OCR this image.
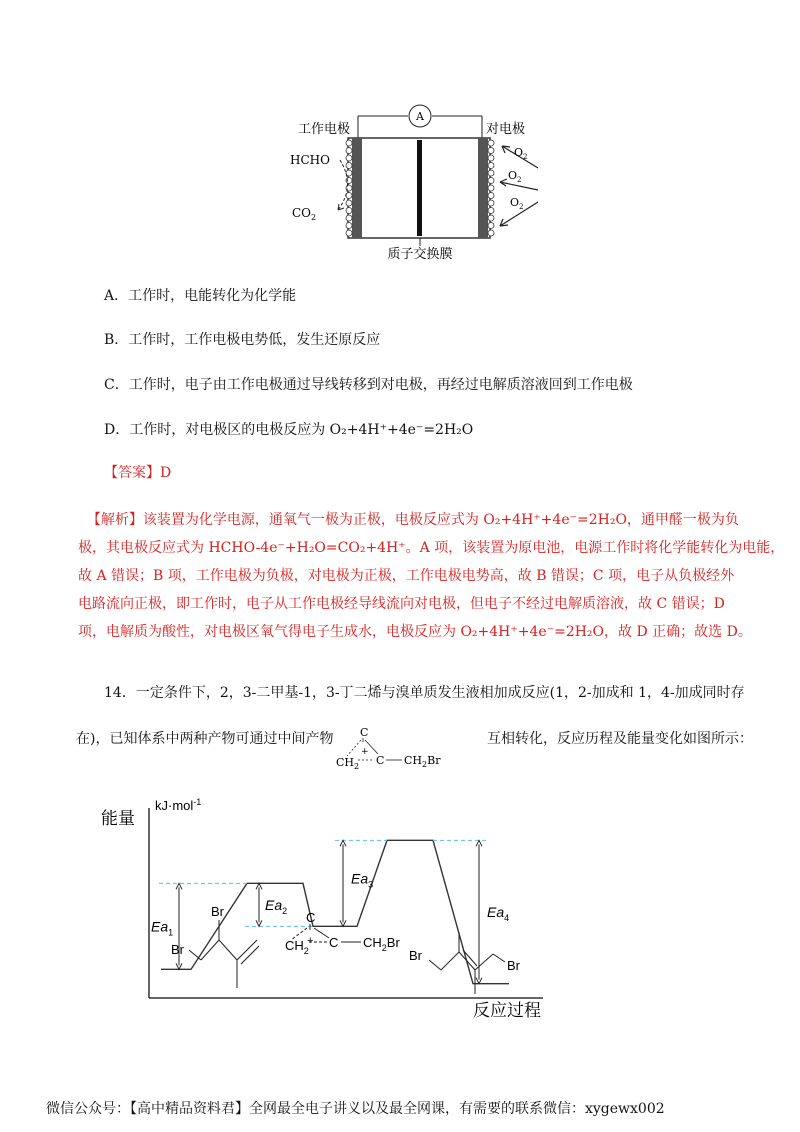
A
工作电极	对电极
HCHO
$CO_2$
$O_2$
$O_2$
$O_2$
质子交换膜
A．工作时，电能转化为化学能
B．工作时，工作电极电势低，发生还原反应
C．工作时，电子由工作电极通过导线转移到对电极，再经过电解质溶液回到工作电极
D．工作时，对电极区的电极反应为 O₂+4H⁺+4e⁻=2H₂O
【答案】D
【解析】该装置为化学电源，通氧气一极为正极，电极反应式为 O₂+4H⁺+4e⁻=2H₂O，通甲醛一极为负
极，其电极反应式为 HCHO-4e⁻+H₂O=CO₂+4H⁺。A 项，该装置为原电池，电源工作时将化学能转化为电能，
故 A 错误；B 项，工作电极为负极，对电极为正极，工作电极电势高，故 B 错误；C 项，电子从负极经外
电路流向正极，即工作时，电子从工作电极经导线流向对电极，但电子不经过电解质溶液，故 C 错误；D
项，电解质为酸性，对电极区氧气得电子生成水，电极反应为 O₂+4H⁺+4e⁻=2H₂O，故 D 正确；故选 D。
14．一定条件下，2，3-二甲基-1，3-丁二烯与溴单质发生液相加成反应(1，2-加成和 1，4-加成同时存
在)，已知体系中两种产物可通过中间产物	互相转化，反应历程及能量变化如图所示：
C
+
$CH_2$ C $CH_2Br$
能量
kJ·mol$^{-1}$
反应过程
$Ea_1$
$Ea_2$
$Ea_3$
$Ea_4$
Br
Br
C
+
$CH_2$
C $CH_2Br$
Br
Br
微信公众号：【高中精品资料君】全网最全电子讲义以及最全网课，有需要的联系微信：xygewx002
